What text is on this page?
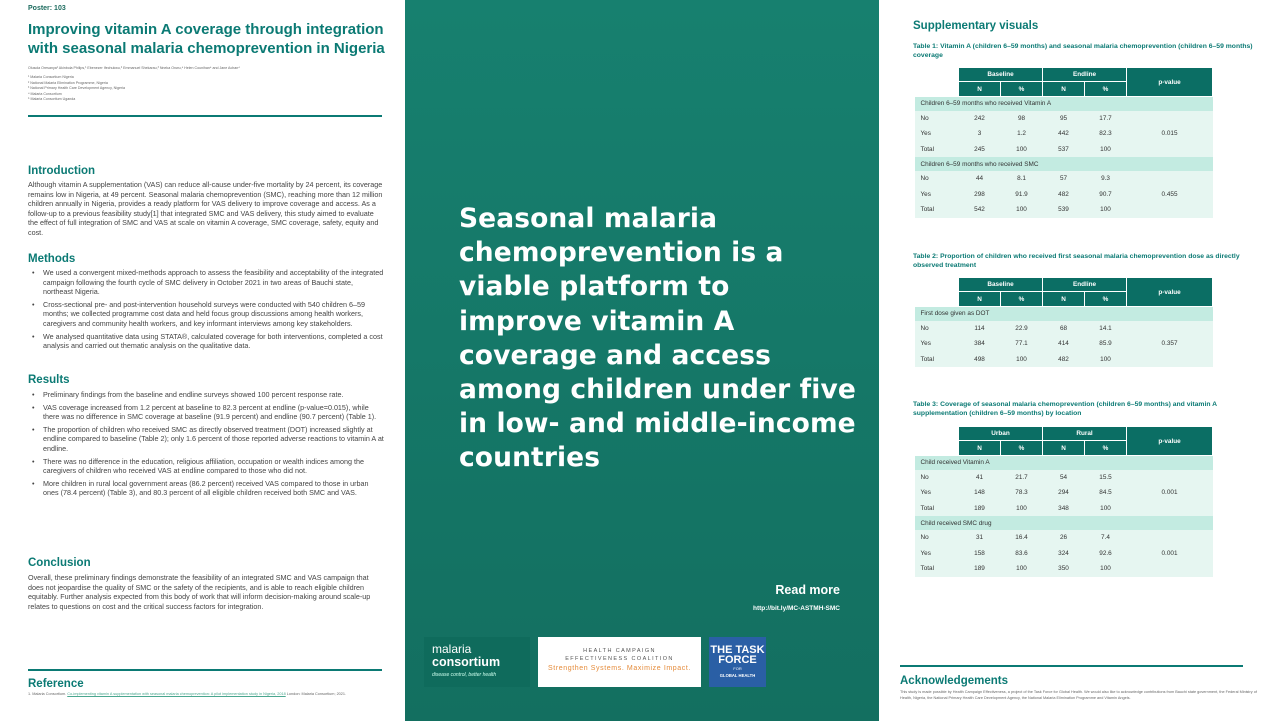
Poster: 103
Improving vitamin A coverage through integration with seasonal malaria chemoprevention in Nigeria
Olusola Oresanya¹ Akinbola Philips,¹ Ebenezer Ifechukwu,² Emmanuel Shekarau,³ Nneka Onwu,⁴ Helen Counihan⁴ and Jane Achan⁴
¹ Malaria Consortium Nigeria
² National Malaria Elimination Programme, Nigeria
³ National Primary Health Care Development Agency, Nigeria
⁴ Malaria Consortium
⁵ Malaria Consortium Uganda
Introduction
Although vitamin A supplementation (VAS) can reduce all-cause under-five mortality by 24 percent, its coverage remains low in Nigeria, at 49 percent. Seasonal malaria chemoprevention (SMC), reaching more than 12 million children annually in Nigeria, provides a ready platform for VAS delivery to improve coverage and access. As a follow-up to a previous feasibility study[1] that integrated SMC and VAS delivery, this study aimed to evaluate the effect of full integration of SMC and VAS at scale on vitamin A coverage, SMC coverage, safety, equity and cost.
Methods
• We used a convergent mixed-methods approach to assess the feasibility and acceptability of the integrated campaign following the fourth cycle of SMC delivery in October 2021 in two areas of Bauchi state, northeast Nigeria.
• Cross-sectional pre- and post-intervention household surveys were conducted with 540 children 6–59 months; we collected programme cost data and held focus group discussions among health workers, caregivers and community health workers, and key informant interviews among key stakeholders.
• We analysed quantitative data using STATA®, calculated coverage for both interventions, completed a cost analysis and carried out thematic analysis on the qualitative data.
Results
• Preliminary findings from the baseline and endline surveys showed 100 percent response rate.
• VAS coverage increased from 1.2 percent at baseline to 82.3 percent at endline (p-value=0.015), while there was no difference in SMC coverage at baseline (91.9 percent) and endline (90.7 percent) (Table 1).
• The proportion of children who received SMC as directly observed treatment (DOT) increased slightly at endline compared to baseline (Table 2); only 1.6 percent of those reported adverse reactions to vitamin A at endline.
• There was no difference in the education, religious affiliation, occupation or wealth indices among the caregivers of children who received VAS at endline compared to those who did not.
• More children in rural local government areas (86.2 percent) received VAS compared to those in urban ones (78.4 percent) (Table 3), and 80.3 percent of all eligible children received both SMC and VAS.
Conclusion
Overall, these preliminary findings demonstrate the feasibility of an integrated SMC and VAS campaign that does not jeopardise the quality of SMC or the safety of the recipients, and is able to reach eligible children equitably. Further analysis expected from this body of work that will inform decision-making around scale-up relates to questions on cost and the critical success factors for integration.
Reference
1. Malaria Consortium. Co-implementing vitamin A supplementation with seasonal malaria chemoprevention: A pilot implementation study in Nigeria, 2018 London: Malaria Consortium; 2021.
Seasonal malaria chemoprevention is a viable platform to improve vitamin A coverage and access among children under five in low- and middle-income countries
Read more
http://bit.ly/MC-ASTMH-SMC
malaria
consortium
disease control, better health
HEALTH CAMPAIGN
EFFECTIVENESS COALITION
Strengthen Systems. Maximize Impact.
THE TASK
FORCE
FOR
GLOBAL HEALTH
Supplementary visuals
Table 1: Vitamin A (children 6–59 months) and seasonal malaria chemoprevention (children 6–59 months) coverage
	Baseline		Endline		p-value
	N	%	N	%	
Children 6–59 months who received Vitamin A					
No	242	98	95	17.7	
Yes	3	1.2	442	82.3	0.015
Total	245	100	537	100	
Children 6–59 months who received SMC					
No	44	8.1	57	9.3	
Yes	298	91.9	482	90.7	0.455
Total	542	100	539	100	
Table 2: Proportion of children who received first seasonal malaria chemoprevention dose as directly observed treatment
	Baseline		Endline		p-value
	N	%	N	%	
First dose given as DOT					
No	114	22.9	68	14.1	
Yes	384	77.1	414	85.9	0.357
Total	498	100	482	100	
Table 3: Coverage of seasonal malaria chemoprevention (children 6–59 months) and vitamin A supplementation (children 6–59 months) by location
	Urban		Rural		p-value
	N	%	N	%	
Child received Vitamin A					
No	41	21.7	54	15.5	
Yes	148	78.3	294	84.5	0.001
Total	189	100	348	100	
Child received SMC drug					
No	31	16.4	26	7.4	
Yes	158	83.6	324	92.6	0.001
Total	189	100	350	100	
Acknowledgements
This study is made possible by Health Campaign Effectiveness, a project of the Task Force for Global Health. We would also like to acknowledge contributions from Bauchi state government, the Federal Ministry of Health, Nigeria, the National Primary Health Care Development Agency, the National Malaria Elimination Programme and Vitamin Angels.
